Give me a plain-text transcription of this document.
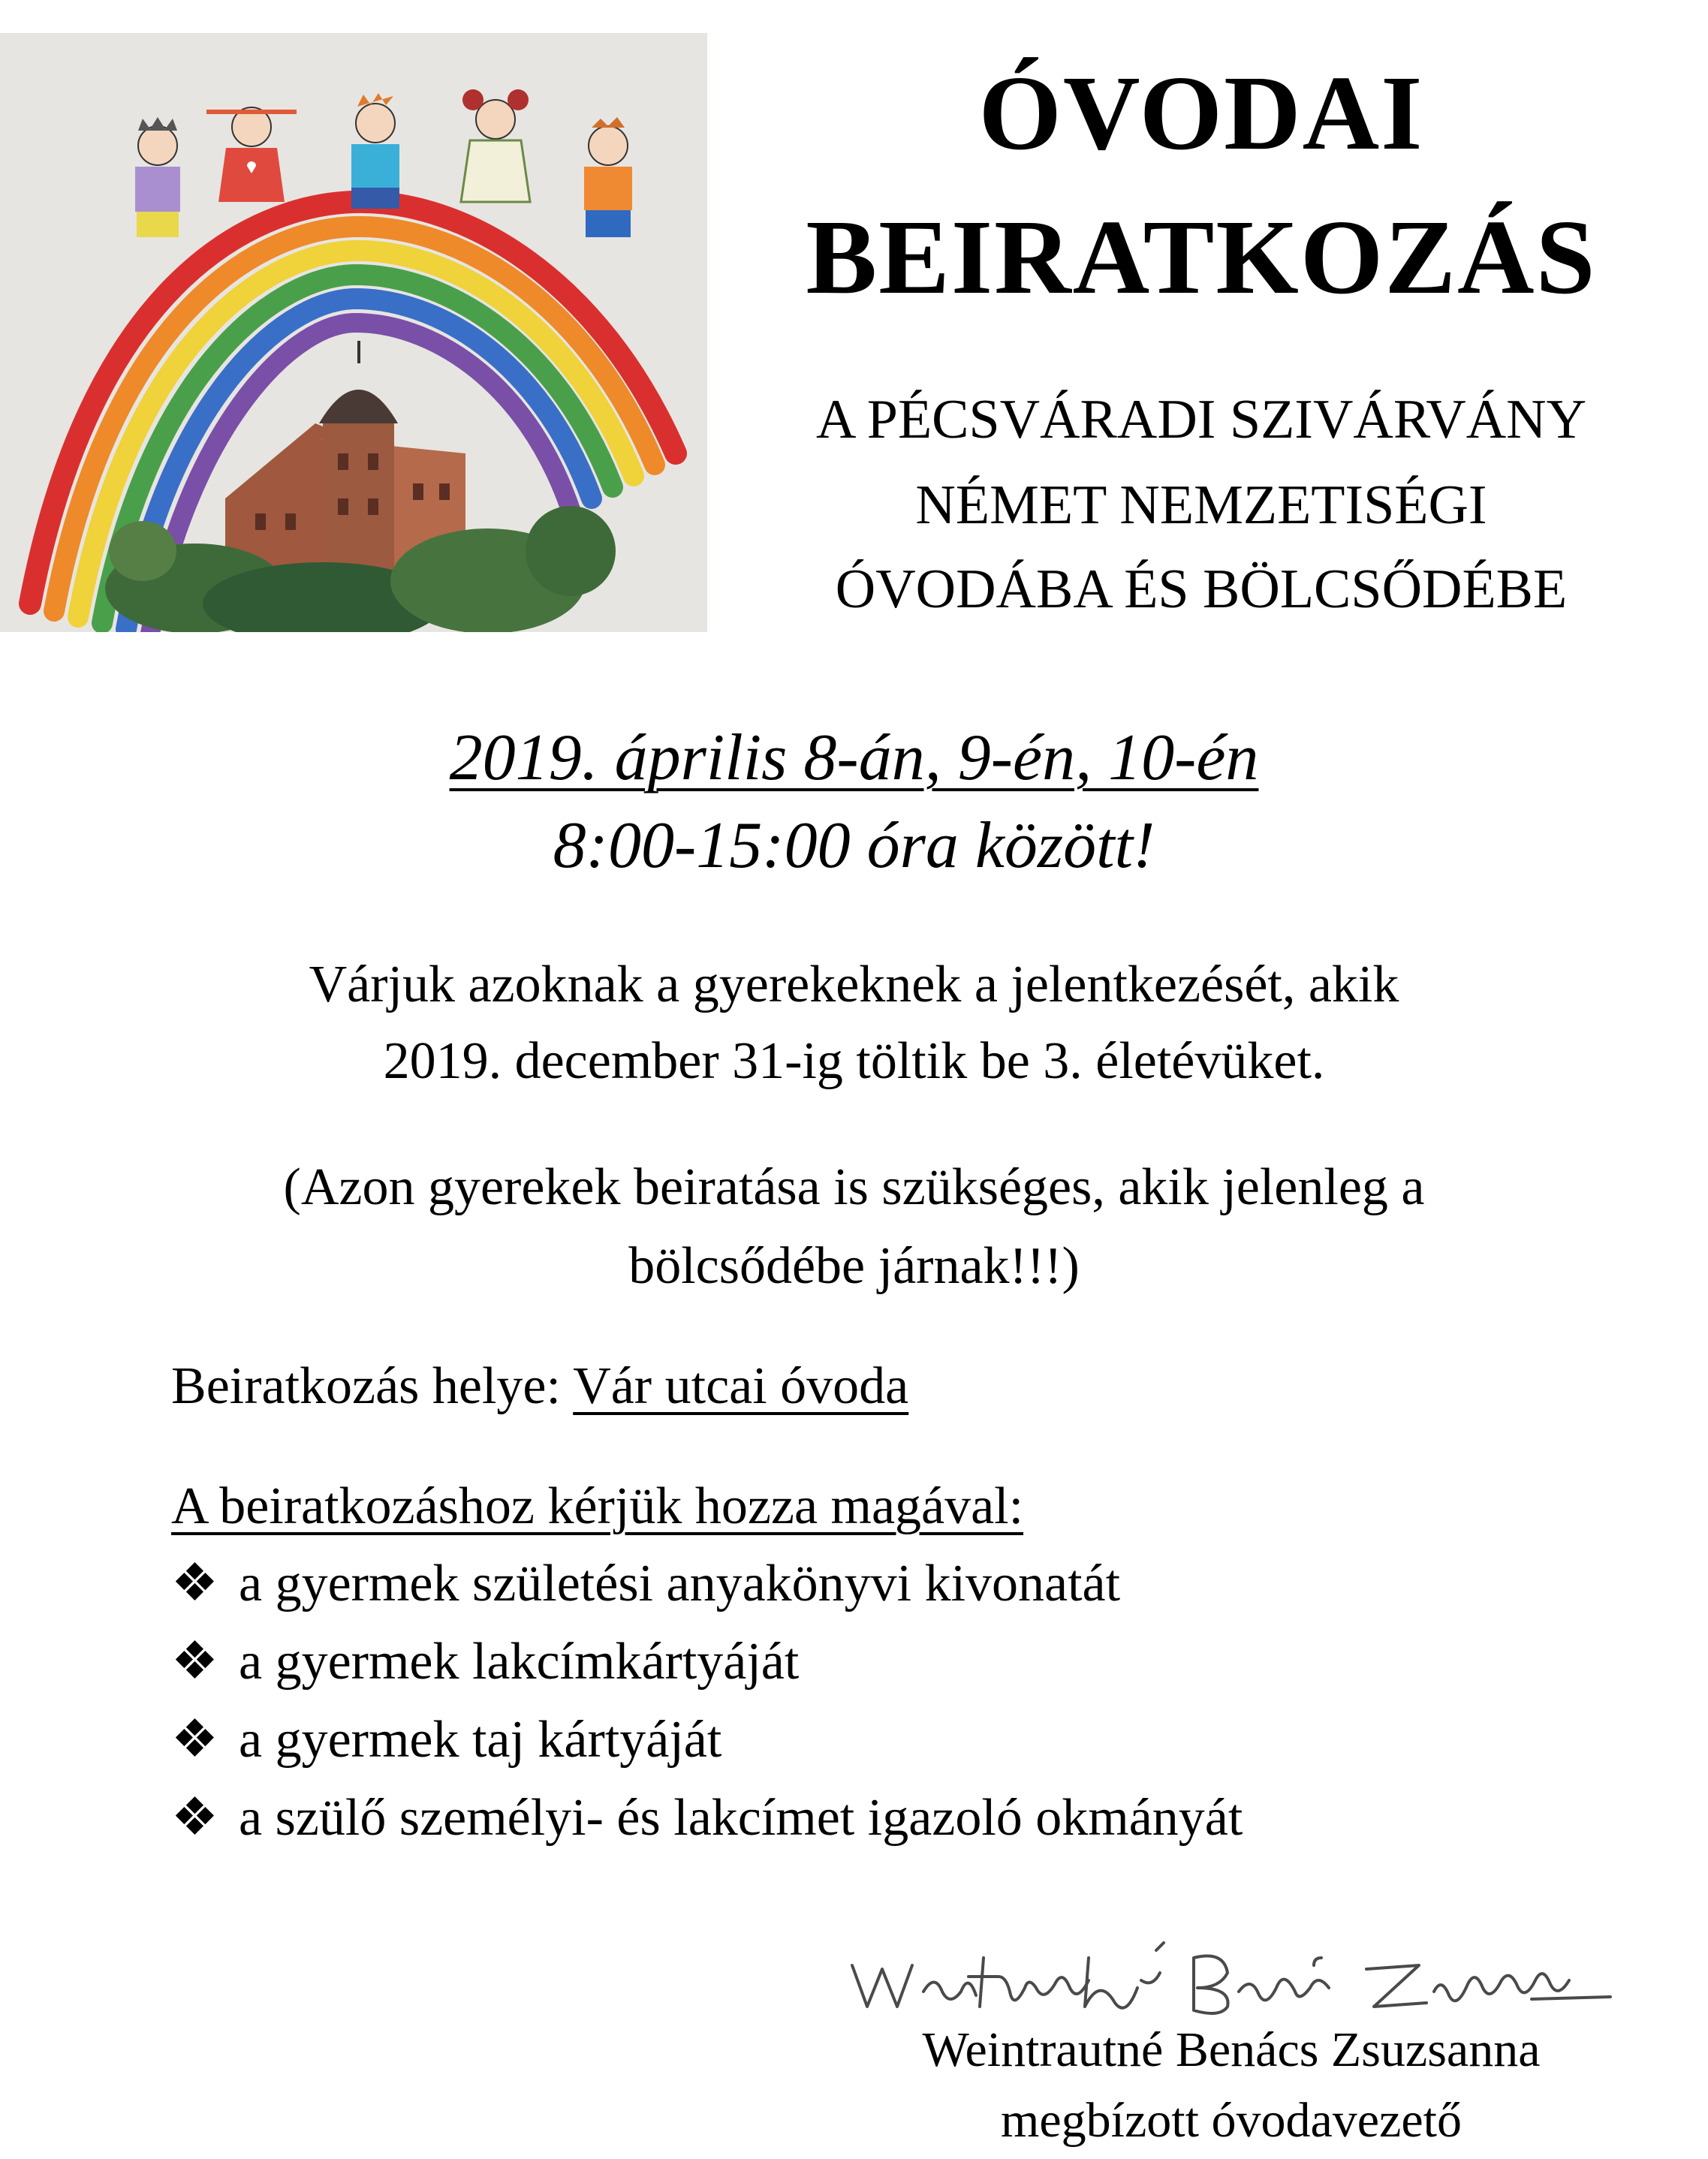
ÓVODAI
BEIRATKOZÁS
A PÉCSVÁRADI SZIVÁRVÁNY
NÉMET NEMZETISÉGI
ÓVODÁBA ÉS BÖLCSŐDÉBE
2019. április 8-án, 9-én, 10-én
8:00-15:00 óra között!
Várjuk azoknak a gyerekeknek a jelentkezését, akik
2019. december 31-ig töltik be 3. életévüket.
(Azon gyerekek beiratása is szükséges, akik jelenleg a
bölcsődébe járnak!!!)
Beiratkozás helye: Vár utcai óvoda
A beiratkozáshoz kérjük hozza magával:
❖ a gyermek születési anyakönyvi kivonatát
❖ a gyermek lakcímkártyáját
❖ a gyermek taj kártyáját
❖ a szülő személyi- és lakcímet igazoló okmányát
Weintrautné Benács Zsuzsanna
megbízott óvodavezető
